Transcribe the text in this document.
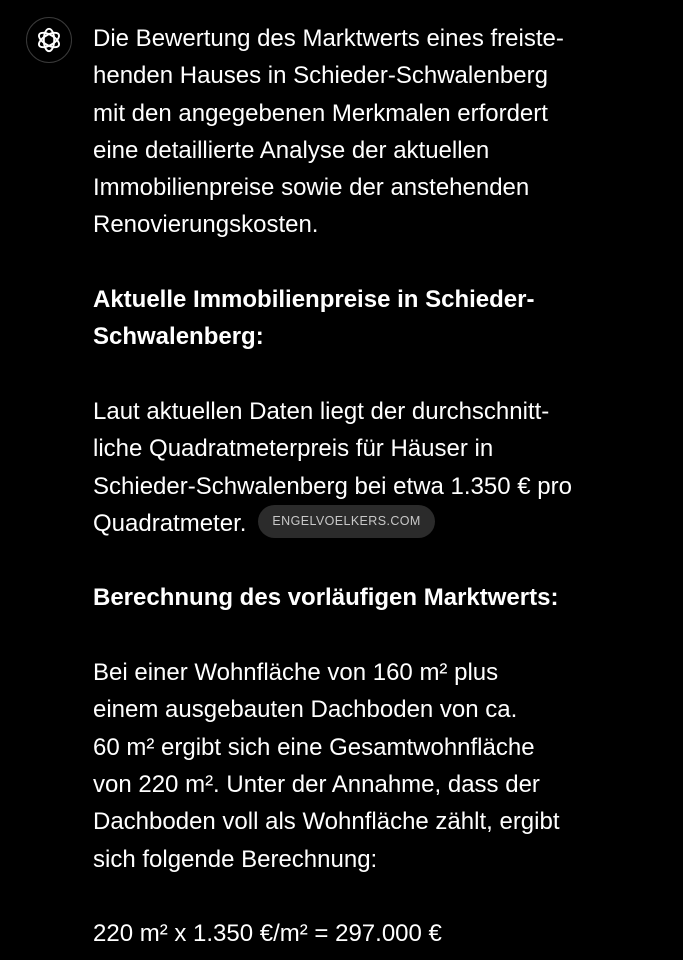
Die Bewertung des Marktwerts eines freiste-

henden Hauses in Schieder-Schwalenberg

mit den angegebenen Merkmalen erfordert

eine detaillierte Analyse der aktuellen

Immobilienpreise sowie der anstehenden

Renovierungskosten.

Aktuelle Immobilienpreise in Schieder-

Schwalenberg:

Laut aktuellen Daten liegt der durchschnitt-

liche Quadratmeterpreis für Häuser in

Schieder-Schwalenberg bei etwa 1.350 € pro

Quadratmeter. ENGELVOELKERS.COM

Berechnung des vorläufigen Marktwerts:

Bei einer Wohnfläche von 160 m² plus

einem ausgebauten Dachboden von ca.

60 m² ergibt sich eine Gesamtwohnfläche

von 220 m². Unter der Annahme, dass der

Dachboden voll als Wohnfläche zählt, ergibt

sich folgende Berechnung:

220 m² x 1.350 €/m² = 297.000 €
